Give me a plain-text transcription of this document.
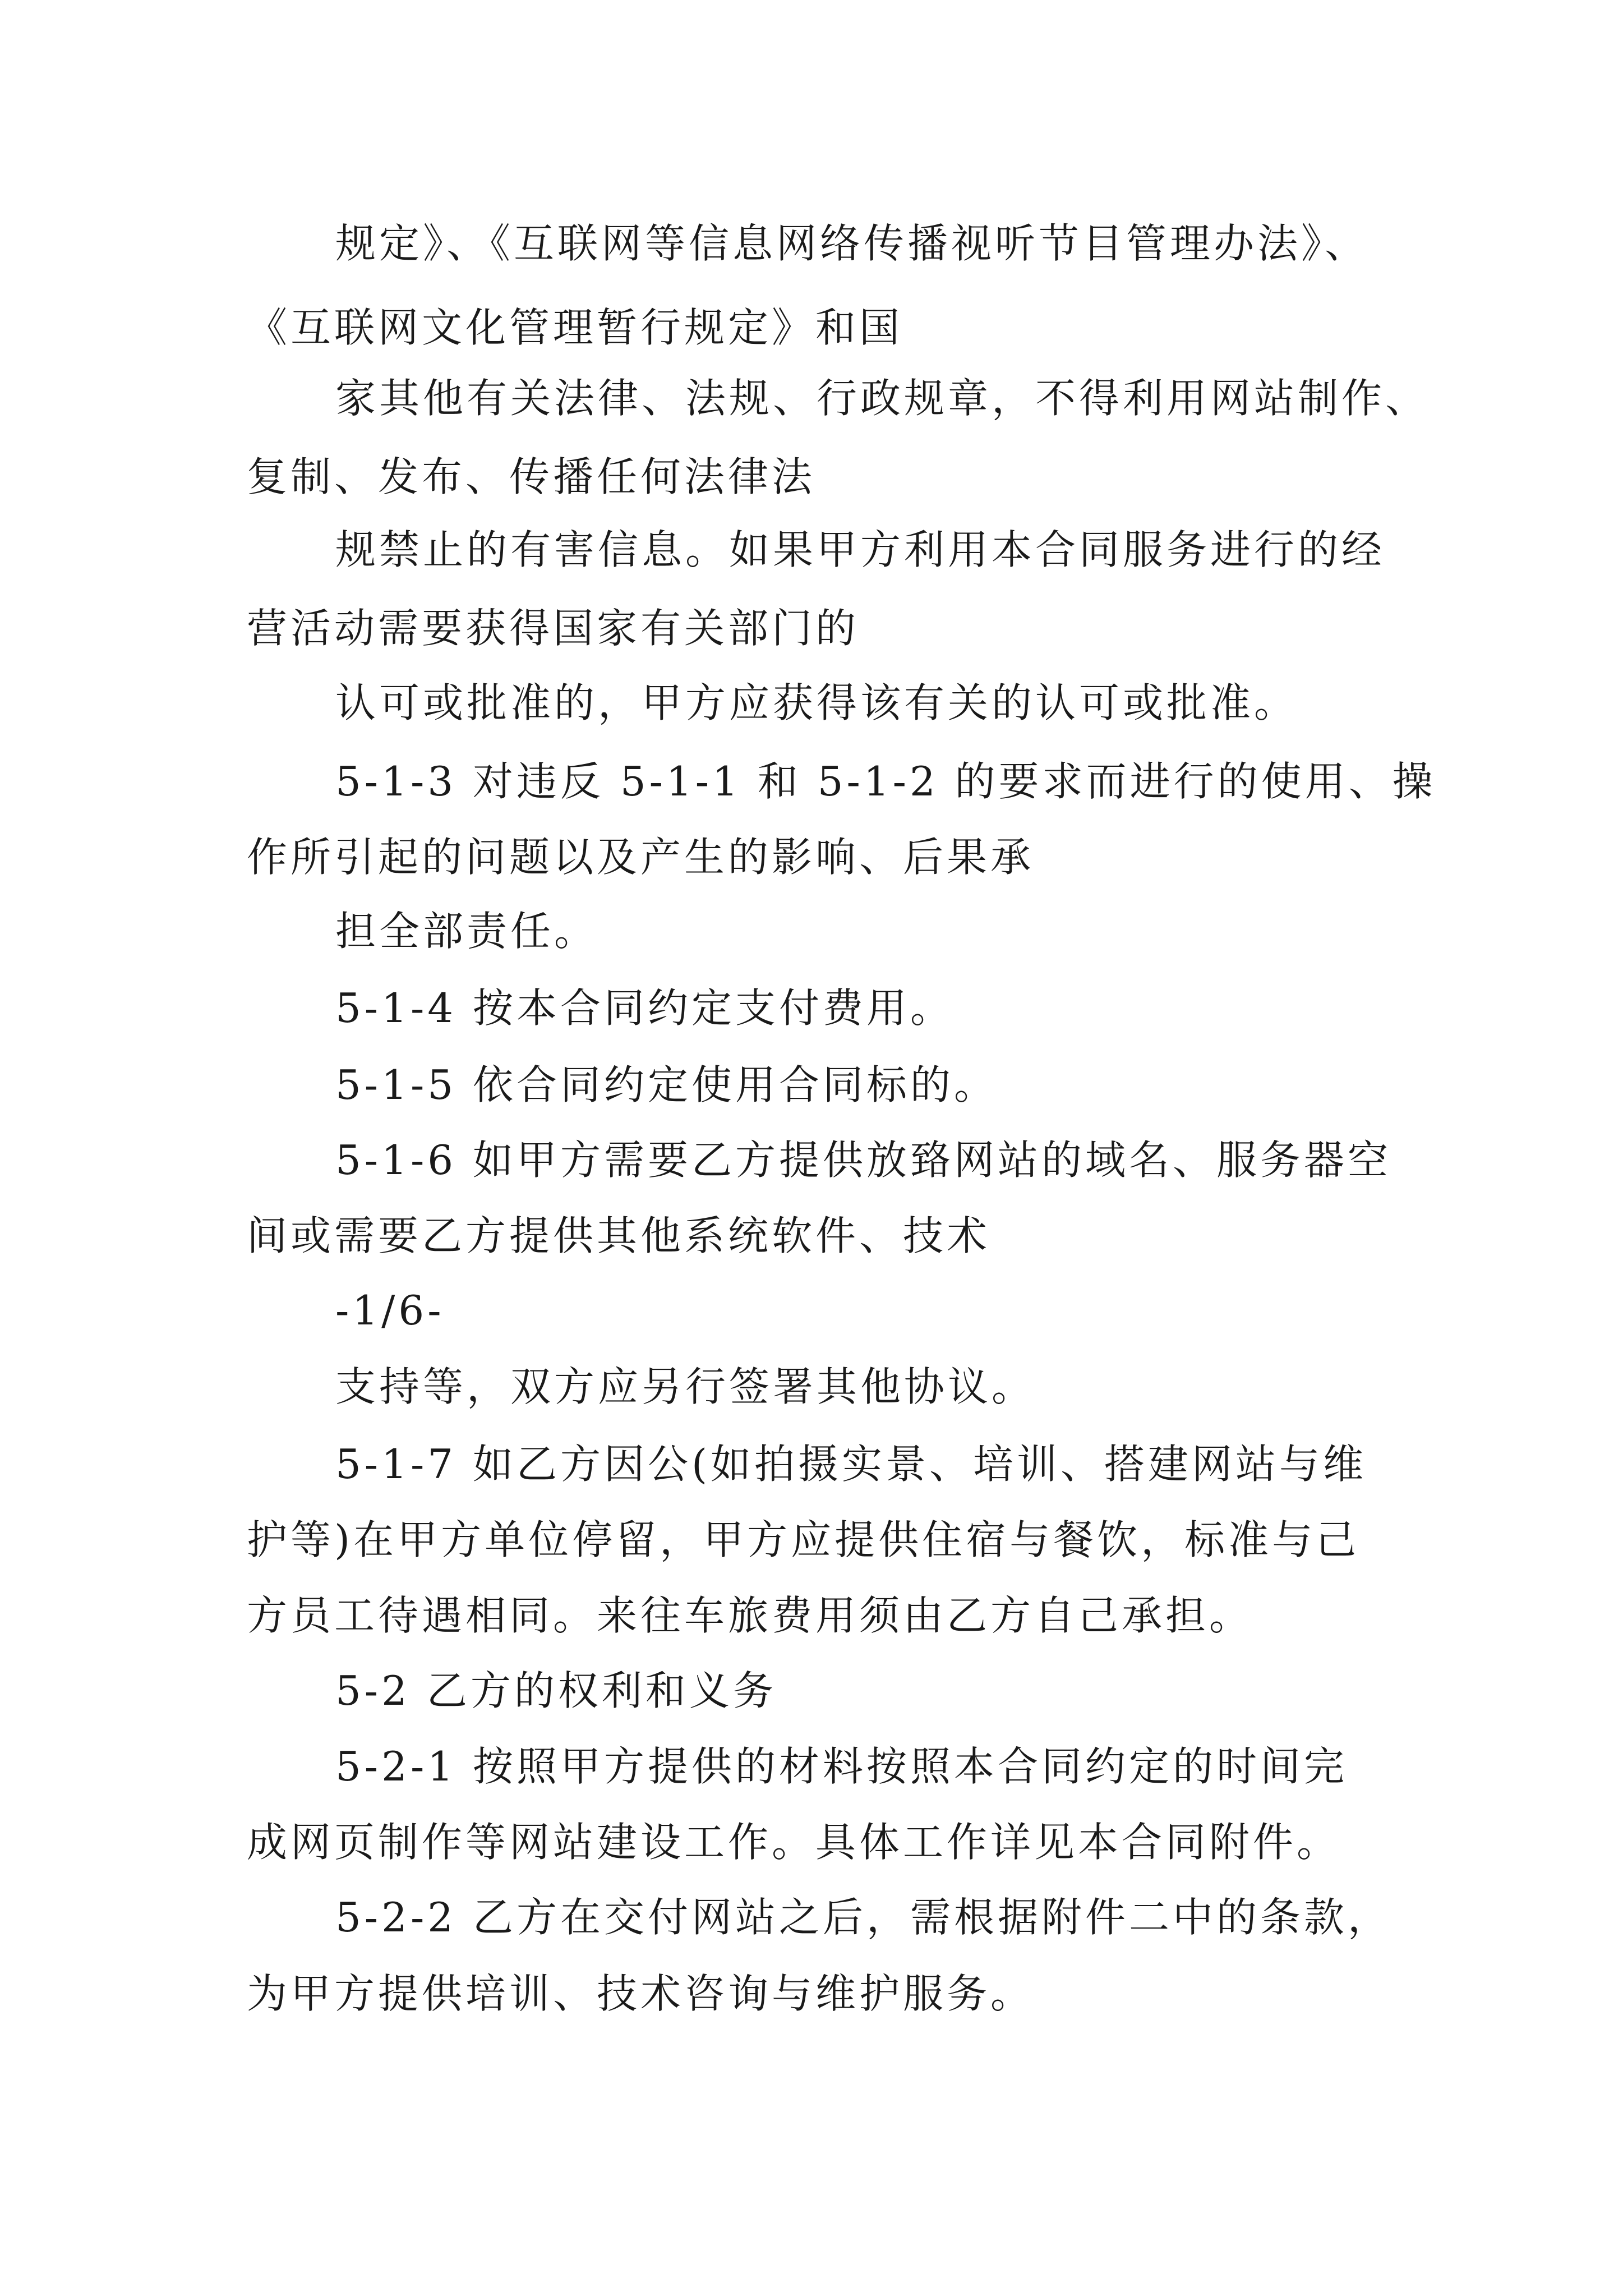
规定》、《互联网等信息网络传播视听节目管理办法》、
《互联网文化管理暂行规定》和国
家其他有关法律、法规、行政规章，不得利用网站制作、
复制、发布、传播任何法律法
规禁止的有害信息。如果甲方利用本合同服务进行的经
营活动需要获得国家有关部门的
认可或批准的，甲方应获得该有关的认可或批准。
5-1-3 对违反 5-1-1 和 5-1-2 的要求而进行的使用、操
作所引起的问题以及产生的影响、后果承
担全部责任。
5-1-4 按本合同约定支付费用。
5-1-5 依合同约定使用合同标的。
5-1-6 如甲方需要乙方提供放臵网站的域名、服务器空
间或需要乙方提供其他系统软件、技术
-1/6-
支持等，双方应另行签署其他协议。
5-1-7 如乙方因公(如拍摄实景、培训、搭建网站与维
护等)在甲方单位停留，甲方应提供住宿与餐饮，标准与己
方员工待遇相同。来往车旅费用须由乙方自己承担。
5-2 乙方的权利和义务
5-2-1 按照甲方提供的材料按照本合同约定的时间完
成网页制作等网站建设工作。具体工作详见本合同附件。
5-2-2 乙方在交付网站之后，需根据附件二中的条款，
为甲方提供培训、技术咨询与维护服务。
